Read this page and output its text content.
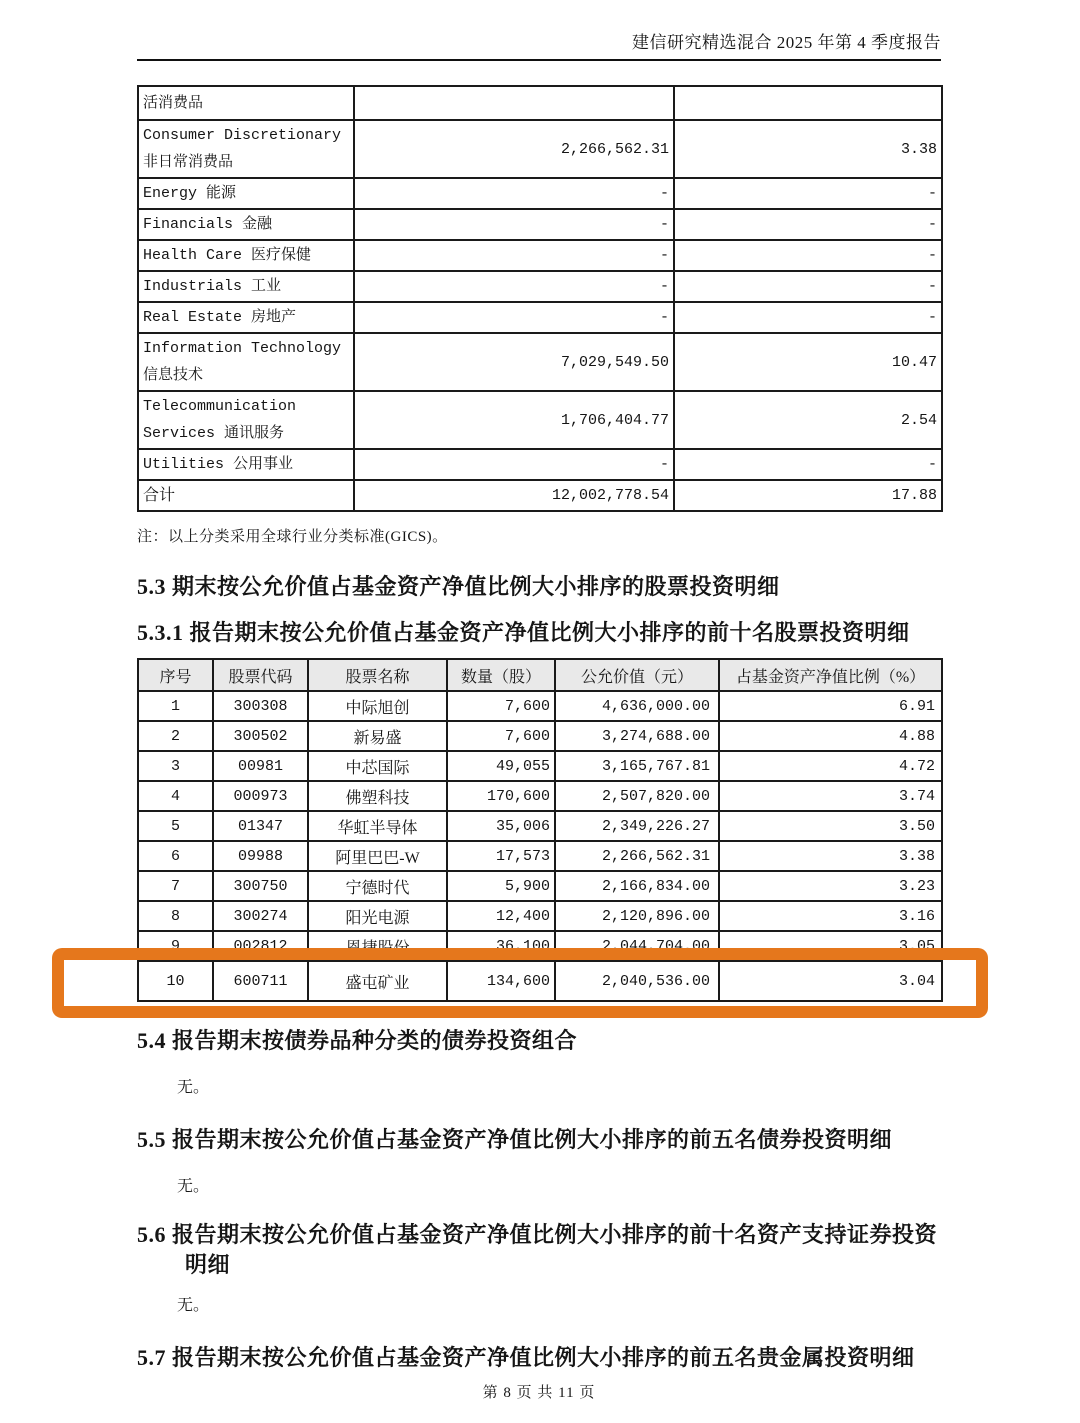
建信研究精选混合 2025 年第 4 季度报告
活消费品		
Consumer Discretionary 非日常消费品	2,266,562.31	3.38
Energy 能源	-	-
Financials 金融	-	-
Health Care 医疗保健	-	-
Industrials 工业	-	-
Real Estate 房地产	-	-
Information Technology 信息技术	7,029,549.50	10.47
Telecommunication Services 通讯服务	1,706,404.77	2.54
Utilities 公用事业	-	-
合计	12,002,778.54	17.88
注：以上分类采用全球行业分类标准(GICS)。
5.3 期末按公允价值占基金资产净值比例大小排序的股票投资明细
5.3.1 报告期末按公允价值占基金资产净值比例大小排序的前十名股票投资明细
序号	股票代码	股票名称	数量（股）	公允价值（元）	占基金资产净值比例（%）
1	300308	中际旭创	7,600	4,636,000.00	6.91
2	300502	新易盛	7,600	3,274,688.00	4.88
3	00981	中芯国际	49,055	3,165,767.81	4.72
4	000973	佛塑科技	170,600	2,507,820.00	3.74
5	01347	华虹半导体	35,006	2,349,226.27	3.50
6	09988	阿里巴巴-W	17,573	2,266,562.31	3.38
7	300750	宁德时代	5,900	2,166,834.00	3.23
8	300274	阳光电源	12,400	2,120,896.00	3.16
9	002812	恩捷股份	36,100	2,044,704.00	3.05
10	600711	盛屯矿业	134,600	2,040,536.00	3.04
5.4 报告期末按债券品种分类的债券投资组合
无。
5.5 报告期末按公允价值占基金资产净值比例大小排序的前五名债券投资明细
无。
5.6 报告期末按公允价值占基金资产净值比例大小排序的前十名资产支持证券投资明细
无。
5.7 报告期末按公允价值占基金资产净值比例大小排序的前五名贵金属投资明细
第 8 页 共 11 页
